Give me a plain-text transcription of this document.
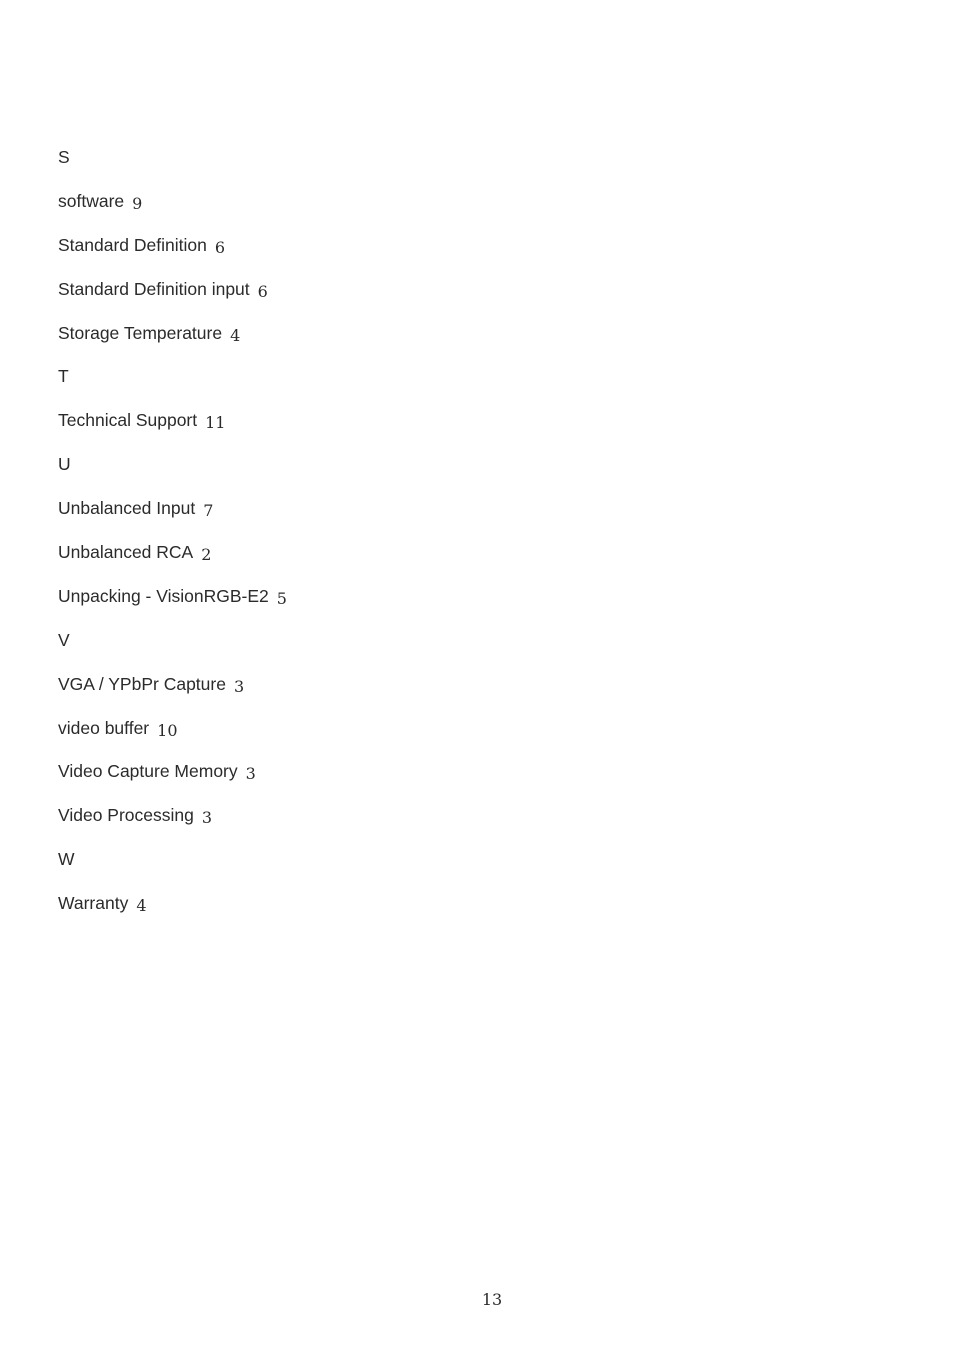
S
software 9
Standard Definition 6
Standard Definition input 6
Storage Temperature 4
T
Technical Support 11
U
Unbalanced Input 7
Unbalanced RCA 2
Unpacking - VisionRGB-E2 5
V
VGA / YPbPr Capture 3
video buffer 10
Video Capture Memory 3
Video Processing 3
W
Warranty 4
13
